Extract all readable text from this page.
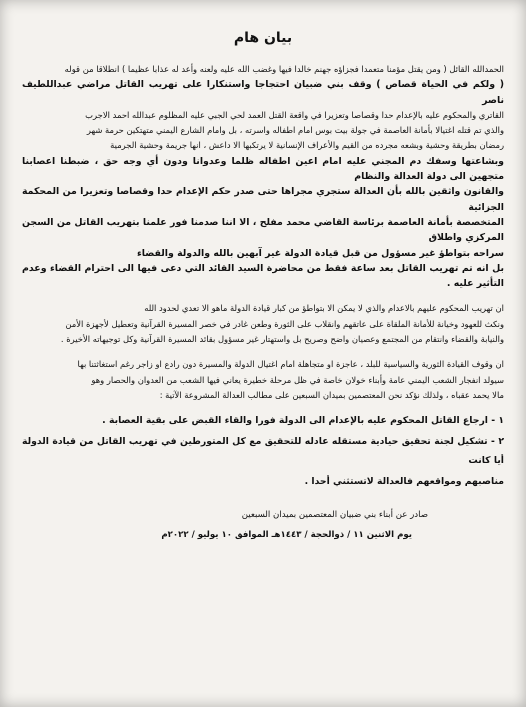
بيان هام
الحمدالله القائل ( ومن يقتل مؤمنا متعمدا فجزاؤه جهنم خالدا فيها وغضب الله عليه ولعنه وأعد له عذابا عظيما ) انطلاقا من قوله
( ولكم في الحياة قصاص ) وقف بني ضبيان احتجاجا واستنكارا على تهريب القاتل مراضي عبداللطيف ناصر
القاتري والمحكوم عليه بالإعدام حدا وقصاصا وتعزيرا في واقعة القتل العمد لحي الجبي عليه المظلوم عبدالله احمد الاجرب
والذي تم قتله اغتيالا بأمانة العاصمة في جولة بيت بوس امام اطفاله واسرته ، بل وامام الشارع اليمني متهتكين حرمة شهر
رمضان بطريقة وحشية وبشعه مجرده من القيم والأعراف الإنسانية لا يرتكبها الا داعش ، انها جريمة وحشية الجرمية
وبشاعتها وسفك دم المجني عليه امام اعين اطفاله ظلما وعدوانا ودون أي وجه حق ، ضبطنا اعصابنا متجهين الى دولة العدالة والنظام
والقانون واثقين بالله بأن العدالة ستجري مجراها حتى صدر حكم الإعدام حدا وقصاصا وتعزيرا من المحكمة الجزائية
المتخصصة بأمانة العاصمة برئاسة القاضي محمد مفلح ، الا اننا صدمنا فور علمنا بتهريب القاتل من السجن المركزي واطلاق
سراحه بتواطؤ غير مسؤول من قبل قيادة الدولة غير آبهين بالله والدولة والقضاء
بل انه تم تهريب القاتل بعد ساعة فقط من محاضرة السيد القائد التي دعى فيها الى احترام القضاء وعدم التأثير عليه .
ان تهريب المحكوم عليهم بالاعدام والذي لا يمكن الا بتواطؤ من كبار قيادة الدولة ماهو الا تعدي لحدود الله
ونكث للعهود وخيانة للأمانة الملقاة على عاتقهم وانقلاب على الثورة وطعن غادر في خصر المسيرة القرآنية وتعطيل لأجهزة الأمن
والنيابة والقضاء وانتقام من المجتمع وعصيان واضح وصريح بل واستهتار غير مسؤول بقائد المسيرة القرآنية وكل توجيهاته الأخيرة .
ان وقوف القيادة الثورية والسياسية للبلد ، عاجزة او متجاهلة امام اغتيال الدولة والمسيرة دون رادع او زاجر رغم استغاثتنا بها
سيولد انفجار الشعب اليمني عامة وأبناء خولان خاصة في ظل مرحلة خطيرة يعاني فيها الشعب من العدوان والحصار وهو
مالا يحمد عقباه ، ولذلك نؤكد نحن المعتصمين بميدان السبعين على مطالب العدالة المشروعة الآتية :
١ - ارجاع القاتل المحكوم عليه بالإعدام الى الدولة فورا والقاء القبض على بقية العصابة .
٢ - تشكيل لجنة تحقيق حيادية مستقله عادله للتحقيق مع كل المتورطين في تهريب القاتل من قيادة الدولة أيا كانت
مناصبهم ومواقعهم فالعدالة لاتستثني أحدا .
صادر عن أبناء بني ضبيان المعتصمين بميدان السبعين
يوم الاثنين ١١ / ذوالحجة / ١٤٤٣هـ الموافق ١٠ يوليو / ٢٠٢٢م
